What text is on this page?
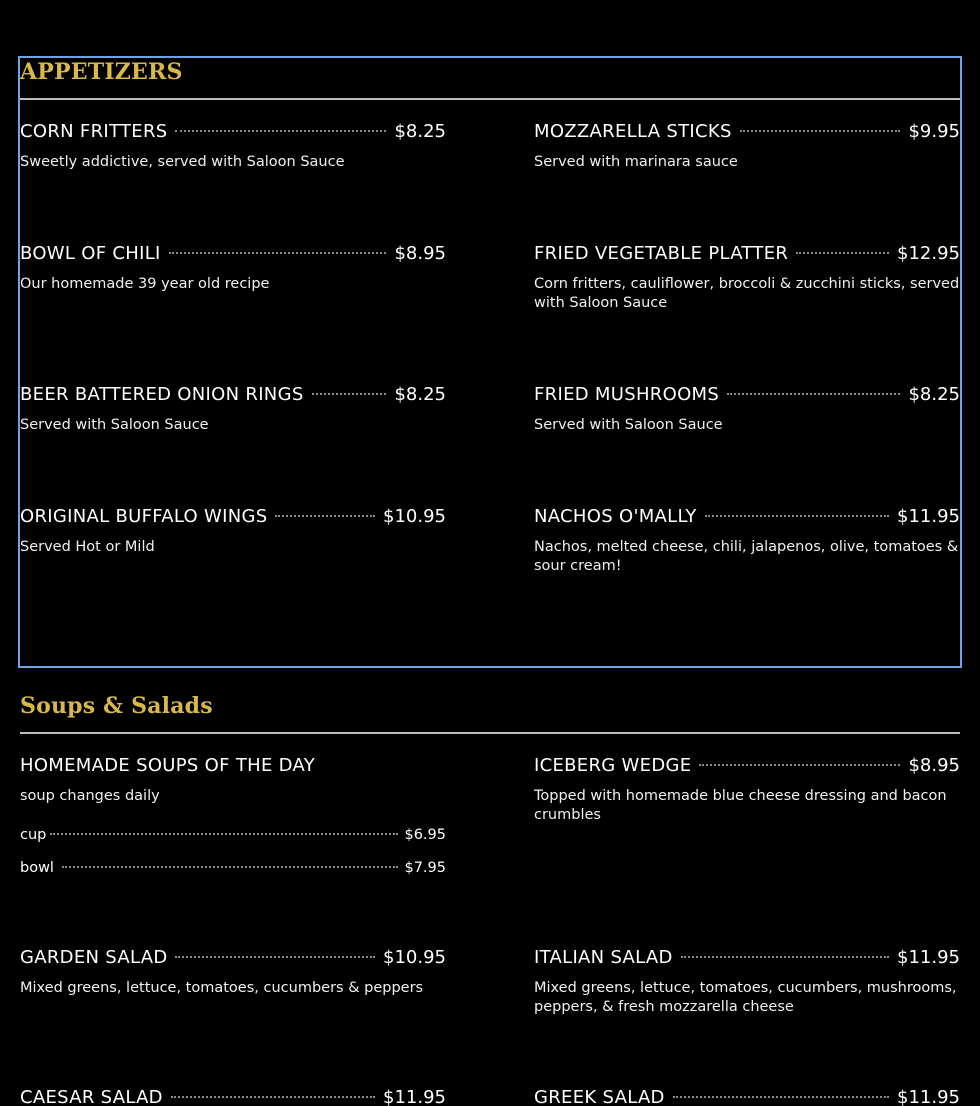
APPETIZERS
CORN FRITTERS	$8.25
Sweetly addictive, served with Saloon Sauce
MOZZARELLA STICKS	$9.95
Served with marinara sauce
BOWL OF CHILI	$8.95
Our homemade 39 year old recipe
FRIED VEGETABLE PLATTER	$12.95
Corn fritters, cauliflower, broccoli & zucchini sticks, served with Saloon Sauce
BEER BATTERED ONION RINGS	$8.25
Served with Saloon Sauce
FRIED MUSHROOMS	$8.25
Served with Saloon Sauce
ORIGINAL BUFFALO WINGS	$10.95
Served Hot or Mild
NACHOS O'MALLY	$11.95
Nachos, melted cheese, chili, jalapenos, olive, tomatoes & sour cream!
Soups & Salads
HOMEMADE SOUPS OF THE DAY
soup changes daily
cup	$6.95
bowl	$7.95
ICEBERG WEDGE	$8.95
Topped with homemade blue cheese dressing and bacon crumbles
GARDEN SALAD	$10.95
Mixed greens, lettuce, tomatoes, cucumbers & peppers
ITALIAN SALAD	$11.95
Mixed greens, lettuce, tomatoes, cucumbers, mushrooms, peppers, & fresh mozzarella cheese
CAESAR SALAD	$11.95	GREEK SALAD	$11.95
